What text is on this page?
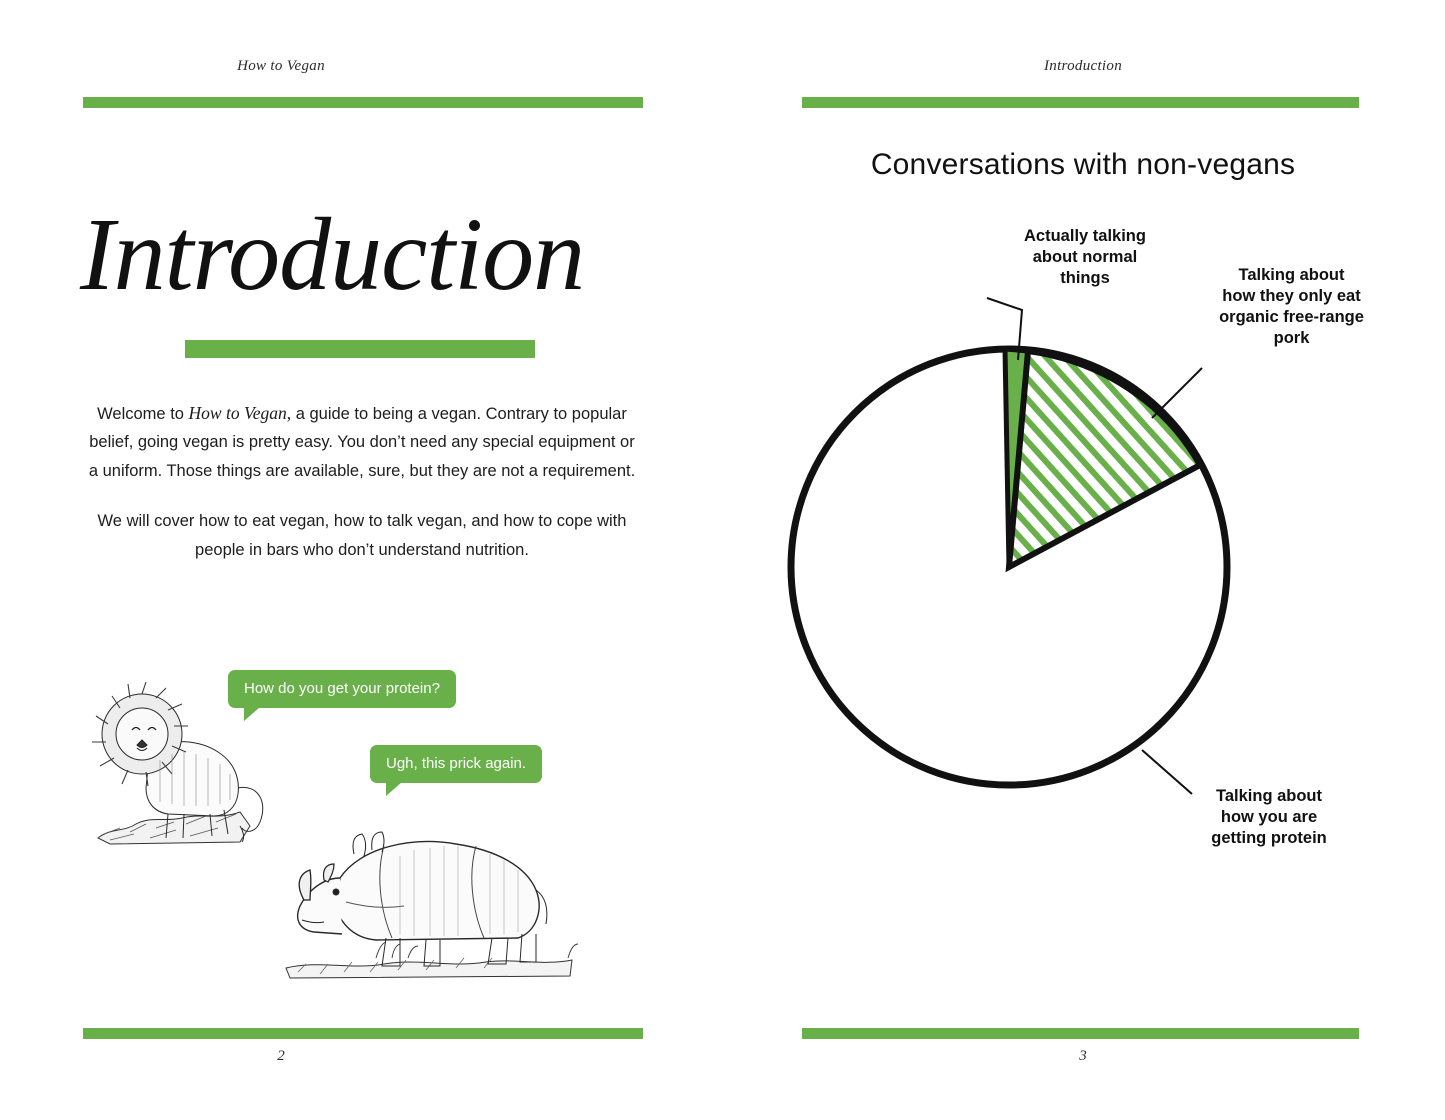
How to Vegan
Introduction

Welcome to How to Vegan, a guide to being a vegan. Contrary to popular belief, going vegan is pretty easy. You don’t need any special equipment or a uniform. Those things are available, sure, but they are not a requirement.

We will cover how to eat vegan, how to talk vegan, and how to cope with people in bars who don’t understand nutrition.

How do you get your protein?
Ugh, this prick again.
2
Introduction
Conversations with non-vegans
Actually talking
about normal
things	Talking about
how they only eat
organic free-range
pork
Talking about
how you are
getting protein
3
